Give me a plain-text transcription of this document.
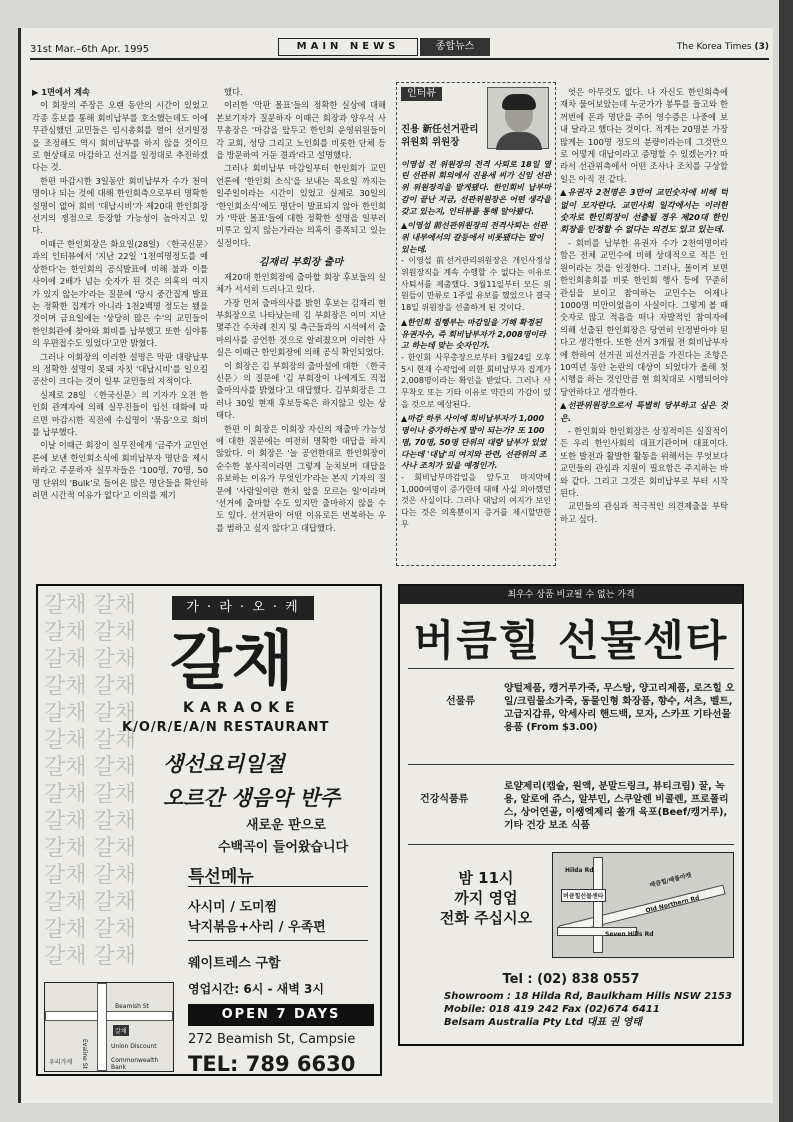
31st Mar.–6th Apr. 1995	MAIN NEWS	종합뉴스	The Korea Times (3)

▶ 1면에서 계속

이 회장의 주장은 오랜 동안의 시간이 있었고 각종 홍보를 통해 회비납부를 호소했는데도 이에 무관심했던 교민들은 임시총회를 열어 선거일정을 조정해도 역시 회비납부를 하지 않을 것이므로 현상태로 마감하고 선거를 일정대로 추진하겠다는 것.

한편 마감시한 3일동안 회비납부자 수가 천여명이나 되는 것에 대해 한인회측으로부터 명확한 설명이 없어 회비 '대납시비'가 제20대 한인회장 선거의 쟁점으로 등장할 가능성이 높아지고 있다.

이때근 한인회장은 화요일(28일) 〈한국신문〉과의 인터뷰에서 '지난 22일 '1천여명정도를 예상한다'는 한인회의 공식발표에 비해 불과 이틀 사이에 2배가 넘는 숫자가 된 것은 의혹의 여지가 있지 않는가'라는 질문에 '당시 중간집계 발표는 정확한 집계가 아니라 1천2백명 정도는 됐을 것이며 금요일에는 '상당히 많은 수'의 교민들이 한인회관에 찾아와 회비를 납부했고 또한 심야통의 우편접수도 있었다'고만 밝혔다.

그러나 이회장의 이러한 설명은 막판 대량납부의 정확한 설명이 못돼 자칫 '대납시비'를 일으킬 공산이 크다는 것이 일부 교민들의 지적이다.

실제로 28일 〈한국신문〉의 기자가 오전 한인회 관계자에 의해 실무진들이 임선 대화에 따르면 마감시한 직전에 수십명이 '묶음'으로 회비를 납부했다.

이날 이때근 회장이 실무진에게 '금주가 교민언론에 보낸 한인회소식에 회비납부자 명단을 제시하라고 주문하자 실무자들은 '100명, 70명, 50명 단위의 'Bulk'로 들어온 많은 명단들을 확인하려면 시간적 여유가 없다'고 이의를 제기

했다.

이러한 '막판 몰표'들의 정확한 실상에 대해 본보기자가 질문하자 이때근 회장과 양우석 사무총장은 '마감을 앞두고 한인회 운영위원들이 각 교회, 성당 그리고 노인회를 비롯한 단체 등을 방문하여 거둔 결과'라고 설명했다.

그러나 회비납부 마감일부터 한인회가 교민언론에 '한인회 소식'을 보내는 목요일 까지는 일주일이라는 시간이 있었고 실제로 30일의 '한인회소식'에도 명단이 발표되지 않아 한인회가 '막판 몰표'들에 대한 정확한 설명을 일부러 미루고 있지 않는가라는 의혹이 증폭되고 있는 실정이다.

김재리 부회장 출마

제20대 한인회장에 출마할 회장 후보들의 실체가 서서히 드러나고 있다.

가장 먼저 출마의사를 밝힌 후보는 김재리 현부회장으로 나타났는데 김 부회장은 이미 지난 몇주간 수차례 친지 및 측근들과의 시석에서 출마의사를 공언한 것으로 알려졌으며 이러한 사실은 이때근 한인회장에 의해 공식 확인되었다.

이 회장은 김 부회장의 출마설에 대한 〈한국신문〉의 질문에 '김 부회장이 나에게도 직접 출마의사를 밝혔다'고 대답했다. 김부회장은 그러나 30일 현재 후보등록은 하지않고 있는 상태다.

한편 이 회장은 이회장 자신의 재출마 가능성에 대한 질문에는 여전히 명확한 대답을 하지 않았다. 이 회장은 '늘 공언한대로 한인회장이 순수한 봉사직이라면 그렇게 눈치보며 대답을 유보하는 이유가 무엇인가'라는 본지 기자의 질문에 '사람일이란 한치 앞을 모르는 일'이라며 '선거에 출마할 수도 있지만 출마하지 않을 수도 있다. 선거판이 어떤 이유로든 번복하는 우를 범하고 싶지 않다'고 대답했다.

인터뷰
진용 新任선거관리
위원회 위원장

이영섭 전 위원장의 전격 사퇴로 18일 열린 선관위 회의에서 진용세 씨가 신임 선관위 위원장직을 맡게됐다. 한인회비 납부마감이 끝난 지금, 선관위원장은 어떤 생각을 갖고 있는지, 인터뷰를 통해 알아봤다.

▲이영섭 前선관위원장의 전격사퇴는 선관위 내부에서의 갈등에서 비롯됐다는 말이 있는데.

- 이영섭 前선거관리위원장은 개인사정상 위원장직을 계속 수행할 수 없다는 이유로 사퇴서를 제출했다. 3월11일부터 모든 위원들이 만류로 1주일 유보를 했었으나 결국 18일 위원장을 선출하게 된 것이다.

▲한인회 집행부는 마감일을 기해 확정된 유권자수, 즉 회비납부자가 2,008명이라고 하는데 맞는 숫자인가.

- 한인회 사무총장으로부터 3월24일 오후 5시 현재 수작업에 의한 회비납부자 집계가 2,008명이라는 확인을 받았다. 그러나 사무착오 또는 기타 이유로 약간의 가감이 있을 것으로 예상된다.

▲마감 하루 사이에 회비납부자가 1,000명이나 증가하는게 말이 되는가? 또 100명, 70명, 50명 단위의 대량 납부가 있었다는데 '대납'의 여지와 관련, 선관위의 조사나 조치가 있을 예정인가.

- 회비납부마감일을 앞두고 마지막에 1,000여명이 증가한데 대해 사실 의아했던 것은 사실이다. 그러나 대납의 여지가 보인다는 것은 의혹뿐이지 증거를 제시할만한 무

엇은 아무것도 없다. 나 자신도 한인회측에 재차 물어보았는데 누군가가 봉투를 들고와 한꺼번에 돈과 명단을 주어 영수증은 나중에 보내 달라고 했다는 것이다. 적게는 20명분 가장 많게는 100명 정도의 분량이라는데 그것만으로 어떻게 대납이라고 증명할 수 있겠는가? 따라서 선관위측에서 어떤 조사나 조치를 구상할 일은 아직 전 같다.

▲유권자 2천명은 3만여 교민숫자에 비해 턱없이 모자란다. 교민사회 일각에서는 이러한 숫자로 한인회장이 선출될 경우 제20대 한인회장을 인정할 수 없다는 의견도 있고 있는데.

- 회비를 납부한 유권자 수가 2천여명이라 함은 전체 교민수에 비해 상대적으로 적은 인원이라는 것을 인정한다. 그러나, 몰이켜 보면 한인회총회를 비롯 한인회 행사 등에 꾸준히 관심을 보이고 참여하는 교민수는 어제나 1000명 미만이었음이 사실이다. 그렇게 볼 때 숫자로 많고 적음을 떠나 자발적인 참여자에 의해 선출된 한인회장은 당연히 인정받아야 된다고 생각한다. 또한 선거 3개월 전 회비납부자에 한하여 선거권 피선거권을 가진다는 조항은 10여년 동안 논란의 대상이 되었다가 올해 첫 시행을 하는 것인만큼 현 회칙대로 시행되어야 당연하다고 생각한다.

▲선관위원장으로서 특별히 당부하고 싶은 것은.

- 한인회와 한인회장은 상징적이든 실질적이든 우리 한인사회의 대표기관이며 대표이다. 또한 발전과 활발한 활동을 위해서는 무엇보다 교민들의 관심과 지원이 필요함은 주지하는 바와 같다. 그리고 그것은 회비납부로 부터 시작된다.

교민들의 관심과 적극적인 의견제출을 부탁하고 싶다.

갈채 갈채
갈채 갈채
갈채 갈채
갈채 갈채
갈채 갈채
갈채 갈채
갈채 갈채
갈채 갈채
갈채 갈채
갈채 갈채
갈채 갈채
갈채 갈채
갈채 갈채
갈채 갈채
가 · 라 · 오 · 케
갈채
KARAOKE
K/O/R/E/A/N RESTAURANT
생선요리일절
오르간 생음악 반주
새로운 판으로
수백곡이 들어왔습니다
특선메뉴
사시미 / 도미찜
낙지볶음+사리 / 우족편
웨이트레스 구함
영업시간: 6시 - 새벽 3시
OPEN 7 DAYS
272 Beamish St, Campsie
TEL: 789 6630
Beamish St
갈채
Union Discount
Evaline St	Commonwealth Bank
우리가게
최우수 상품 비교될 수 없는 가격
버큼힐 선물센타
선물류
양털제품, 캥거루가죽, 무스탕, 양고리제품, 로즈힐 오일/크림물소가죽, 동물인형 화장품, 향수, 셔츠, 벨트, 고급지갑류, 악세사리 핸드백, 모자, 스카프 기타선물용품 (From $3.00)
건강식품류
로얄제리(캡슐, 원액, 분말드링크, 뷰티크림) 꿀, 녹용, 알로에 쥬스, 알부민, 스쿠알렌 비콜렌, 프로폴리스, 상어연골, 이쌩엑제리 쏠개 육포(Beef/캥거루), 기타 건강 보조 식품
밤 11시
까지 영업
전화 주십시오
Hilda Rd
버큼힐선물센타
Seven Hills Rd
Old Northern Rd
베큼힐/베룸마켓
Tel : (02) 838 0557
Showroom : 18 Hilda Rd, Baulkham Hills NSW 2153
Mobile: 018 419 242 Fax (02)674 6411
Belsam Australia Pty Ltd 대표 권 영태
